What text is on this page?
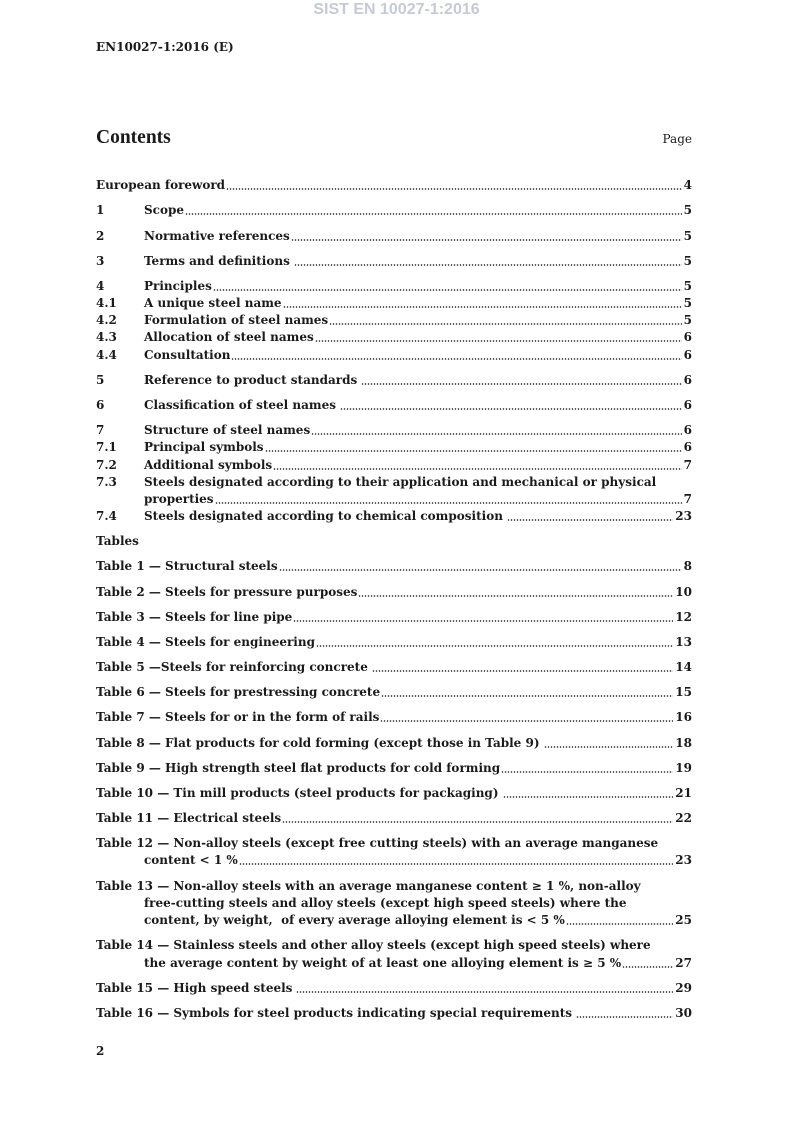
SIST EN 10027-1:2016
EN10027-1:2016 (E)
Contents	Page
European foreword	4
1	Scope	5
2	Normative references	5
3	Terms and definitions	5
4	Principles	5
4.1	A unique steel name	5
4.2	Formulation of steel names	5
4.3	Allocation of steel names	6
4.4	Consultation	6
5	Reference to product standards	6
6	Classification of steel names	6
7	Structure of steel names	6
7.1	Principal symbols	6
7.2	Additional symbols	7
7.3	Steels designated according to their application and mechanical or physical
properties	7
7.4	Steels designated according to chemical composition	23
Tables
Table 1 — Structural steels	8
Table 2 — Steels for pressure purposes	10
Table 3 — Steels for line pipe	12
Table 4 — Steels for engineering	13
Table 5 —Steels for reinforcing concrete	14
Table 6 — Steels for prestressing concrete	15
Table 7 — Steels for or in the form of rails	16
Table 8 — Flat products for cold forming (except those in Table 9)	18
Table 9 — High strength steel flat products for cold forming	19
Table 10 — Tin mill products (steel products for packaging)	21
Table 11 — Electrical steels	22
Table 12 — Non-alloy steels (except free cutting steels) with an average manganese
content < 1 %	23
Table 13 — Non-alloy steels with an average manganese content ≥ 1 %, non-alloy
free-cutting steels and alloy steels (except high speed steels) where the
content, by weight,  of every average alloying element is < 5 %	25
Table 14 — Stainless steels and other alloy steels (except high speed steels) where
the average content by weight of at least one alloying element is ≥ 5 %	27
Table 15 — High speed steels	29
Table 16 — Symbols for steel products indicating special requirements	30
2
